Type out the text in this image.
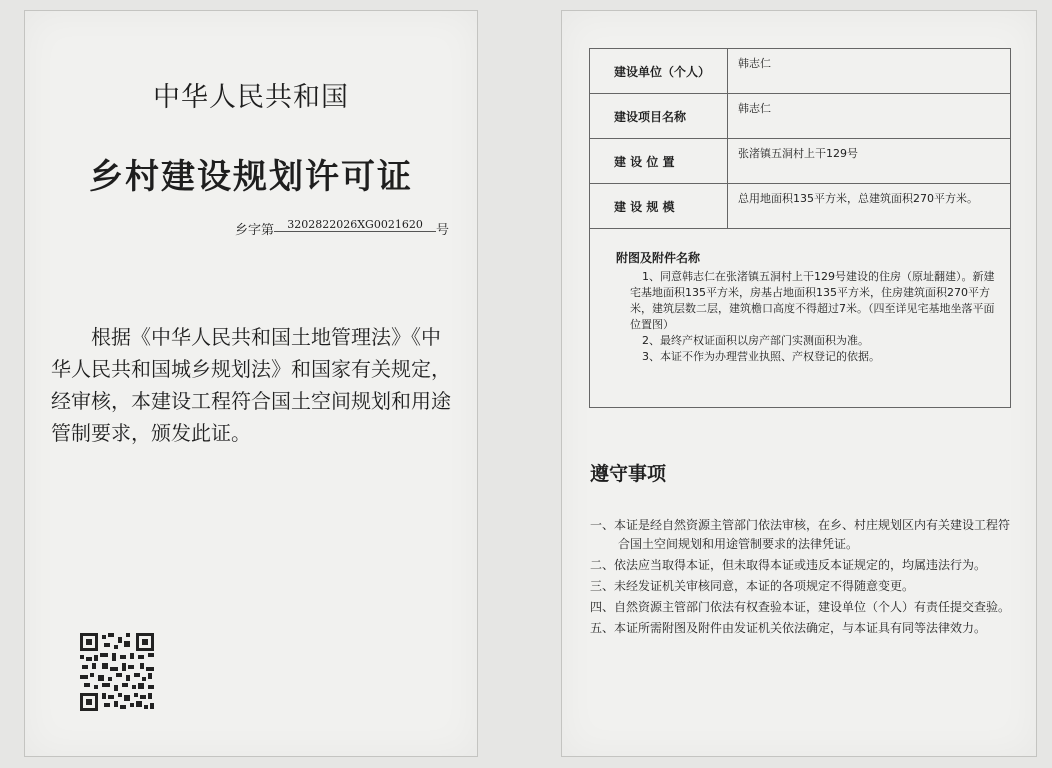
中华人民共和国
乡村建设规划许可证
乡字第 3202822026XG0021620 号
根据《中华人民共和国土地管理法》《中华人民共和国城乡规划法》和国家有关规定，经审核，本建设工程符合国土空间规划和用途管制要求，颁发此证。
建设单位（个人）
韩志仁
建设项目名称
韩志仁
建 设 位 置
张渚镇五洞村上干129号
建 设 规 模
总用地面积135平方米，总建筑面积270平方米。
附图及附件名称

1、同意韩志仁在张渚镇五洞村上干129号建设的住房（原址翻建）。新建宅基地面积135平方米，房基占地面积135平方米，住房建筑面积270平方米，建筑层数二层，建筑檐口高度不得超过7米。（四至详见宅基地坐落平面位置图）

2、最终产权证面积以房产部门实测面积为准。

3、本证不作为办理营业执照、产权登记的依据。

遵守事项

一、本证是经自然资源主管部门依法审核，在乡、村庄规划区内有关建设工程符合国土空间规划和用途管制要求的法律凭证。

二、依法应当取得本证，但未取得本证或违反本证规定的，均属违法行为。

三、未经发证机关审核同意，本证的各项规定不得随意变更。

四、自然资源主管部门依法有权查验本证，建设单位（个人）有责任提交查验。

五、本证所需附图及附件由发证机关依法确定，与本证具有同等法律效力。
